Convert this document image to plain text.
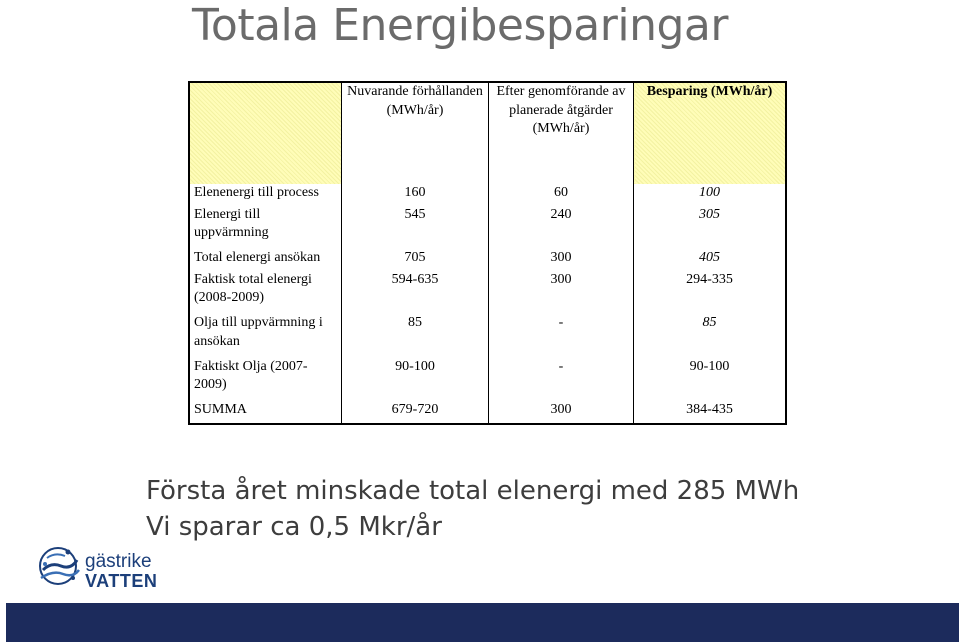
Totala Energibesparingar
	Nuvarande förhållanden (MWh/år)	Efter genomförande av planerade åtgärder (MWh/år)	Besparing (MWh/år)
Elenenergi till process	160	60	100
Elenergi till uppvärmning	545	240	305
Total elenergi ansökan	705	300	405
Faktisk total elenergi (2008-2009)	594-635	300	294-335
Olja till uppvärmning i ansökan	85	-	85
Faktiskt Olja (2007-2009)	90-100	-	90-100
SUMMA	679-720	300	384-435
Första året minskade total elenergi med 285 MWh
Vi sparar ca 0,5 Mkr/år
gästrike
VATTEN
